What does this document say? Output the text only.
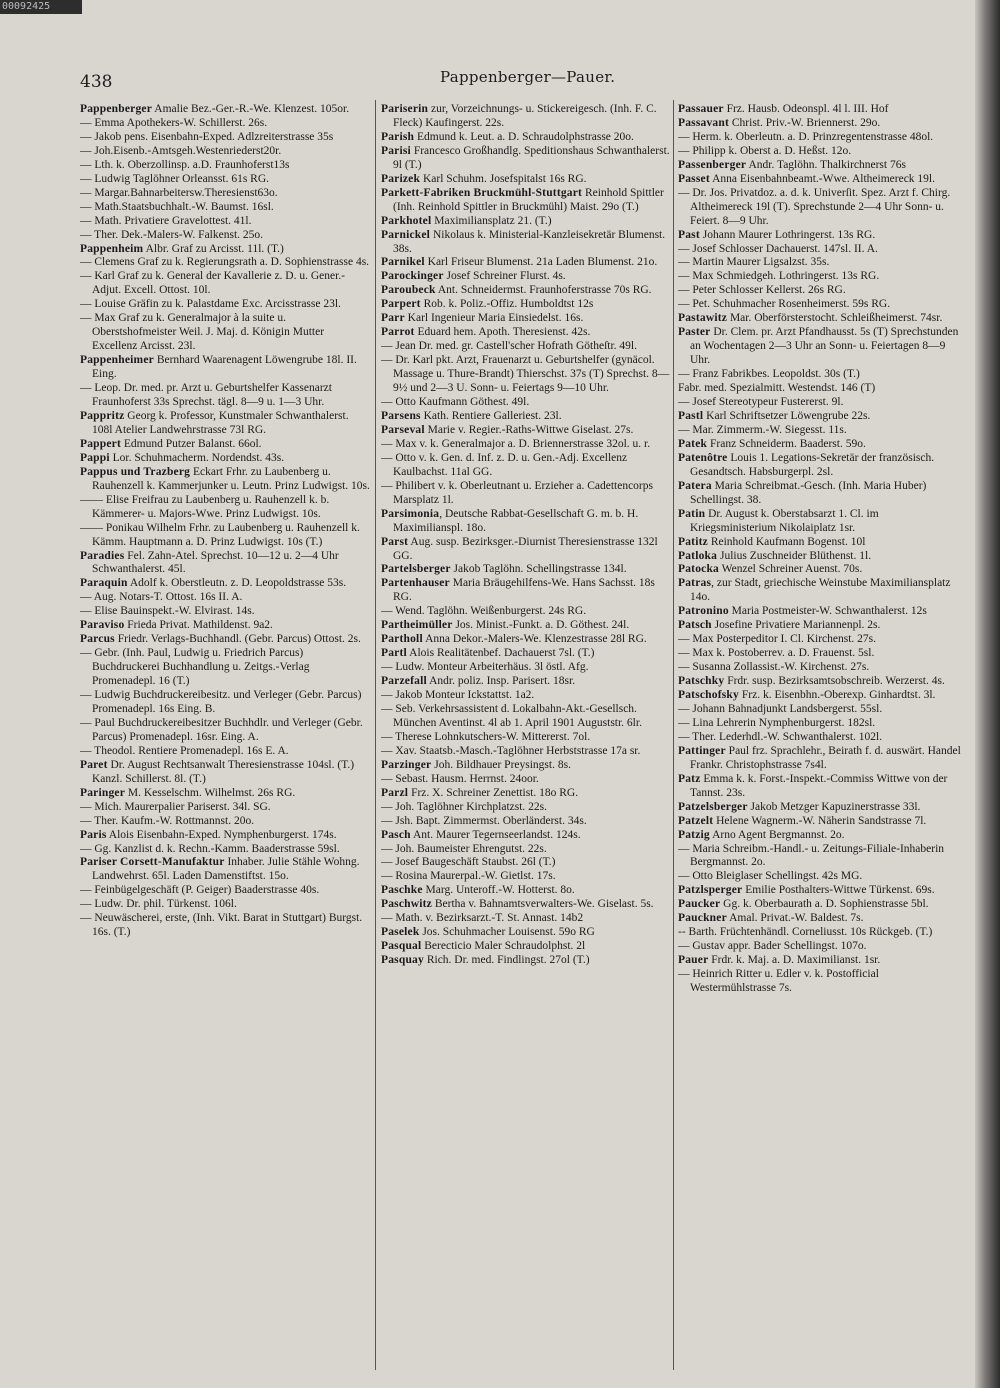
00092425
438	Pappenberger—Pauer.

Pappenberger Amalie Bez.-Ger.-R.-We. Klenzest. 105or.

— Emma Apothekers-W. Schillerst. 26s.

— Jakob pens. Eisenbahn-Exped. Adlzreiterstrasse 35s

— Joh.Eisenb.-Amtsgeh.Westenriederst20r.

— Lth. k. Oberzollinsp. a.D. Fraunhoferst13s

— Ludwig Taglöhner Orleansst. 61s RG.

— Margar.Bahnarbeitersw.Theresienst63o.

— Math.Staatsbuchhalt.-W. Baumst. 16sl.

— Math. Privatiere Gravelottest. 41l.

— Ther. Dek.-Malers-W. Falkenst. 25o.

Pappenheim Albr. Graf zu Arcisst. 11l. (T.)

— Clemens Graf zu k. Regierungsrath a. D. Sophienstrasse 4s.

— Karl Graf zu k. General der Kavallerie z. D. u. Gener.-Adjut. Excell. Ottost. 10l.

— Louise Gräfin zu k. Palastdame Exc. Arcisstrasse 23l.

— Max Graf zu k. Generalmajor à la suite u. Oberstshofmeister Weil. J. Maj. d. Königin Mutter Excellenz Arcisst. 23l.

Pappenheimer Bernhard Waarenagent Löwengrube 18l. II. Eing.

— Leop. Dr. med. pr. Arzt u. Geburtshelfer Kassenarzt Fraunhoferst 33s Sprechst. tägl. 8—9 u. 1—3 Uhr.

Pappritz Georg k. Professor, Kunstmaler Schwanthalerst. 108l Atelier Landwehrstrasse 73l RG.

Pappert Edmund Putzer Balanst. 66ol.

Pappi Lor. Schuhmacherm. Nordendst. 43s.

Pappus und Trazberg Eckart Frhr. zu Laubenberg u. Rauhenzell k. Kammerjunker u. Leutn. Prinz Ludwigst. 10s.

—— Elise Freifrau zu Laubenberg u. Rauhenzell k. b. Kämmerer- u. Majors-Wwe. Prinz Ludwigst. 10s.

—— Ponikau Wilhelm Frhr. zu Laubenberg u. Rauhenzell k. Kämm. Hauptmann a. D. Prinz Ludwigst. 10s (T.)

Paradies Fel. Zahn-Atel. Sprechst. 10—12 u. 2—4 Uhr Schwanthalerst. 45l.

Paraquin Adolf k. Oberstleutn. z. D. Leopoldstrasse 53s.

— Aug. Notars-T. Ottost. 16s II. A.

— Elise Bauinspekt.-W. Elvirast. 14s.

Paraviso Frieda Privat. Mathildenst. 9a2.

Parcus Friedr. Verlags-Buchhandl. (Gebr. Parcus) Ottost. 2s.

— Gebr. (Inh. Paul, Ludwig u. Friedrich Parcus) Buchdruckerei Buchhandlung u. Zeitgs.-Verlag Promenadepl. 16 (T.)

— Ludwig Buchdruckereibesitz. und Verleger (Gebr. Parcus) Promenadepl. 16s Eing. B.

— Paul Buchdruckereibesitzer Buchhdlr. und Verleger (Gebr. Parcus) Promenadepl. 16sr. Eing. A.

— Theodol. Rentiere Promenadepl. 16s E. A.

Paret Dr. August Rechtsanwalt Theresienstrasse 104sl. (T.) Kanzl. Schillerst. 8l. (T.)

Paringer M. Kesselschm. Wilhelmst. 26s RG.

— Mich. Maurerpalier Pariserst. 34l. SG.

— Ther. Kaufm.-W. Rottmannst. 20o.

Paris Alois Eisenbahn-Exped. Nymphenburgerst. 174s.

— Gg. Kanzlist d. k. Rechn.-Kamm. Baaderstrasse 59sl.

Pariser Corsett-Manufaktur Inhaber. Julie Stähle Wohng. Landwehrst. 65l. Laden Damenstiftst. 15o.

— Feinbügelgeschäft (P. Geiger) Baaderstrasse 40s.

— Ludw. Dr. phil. Türkenst. 106l.

— Neuwäscherei, erste, (Inh. Vikt. Barat in Stuttgart) Burgst. 16s. (T.)

Pariserin zur, Vorzeichnungs- u. Stickereigesch. (Inh. F. C. Fleck) Kaufingerst. 22s.

Parish Edmund k. Leut. a. D. Schraudolphstrasse 20o.

Parisi Francesco Großhandlg. Speditionshaus Schwanthalerst. 9l (T.)

Parizek Karl Schuhm. Josefspitalst 16s RG.

Parkett-Fabriken Bruckmühl-Stuttgart Reinhold Spittler (Inh. Reinhold Spittler in Bruckmühl) Maist. 29o (T.)

Parkhotel Maximiliansplatz 21. (T.)

Parnickel Nikolaus k. Ministerial-Kanzleisekretär Blumenst. 38s.

Parnikel Karl Friseur Blumenst. 21a Laden Blumenst. 21o.

Parockinger Josef Schreiner Flurst. 4s.

Paroubeck Ant. Schneidermst. Fraunhoferstrasse 70s RG.

Parpert Rob. k. Poliz.-Offiz. Humboldtst 12s

Parr Karl Ingenieur Maria Einsiedelst. 16s.

Parrot Eduard hem. Apoth. Theresienst. 42s.

— Jean Dr. med. gr. Castell'scher Hofrath Götheſtr. 49l.

— Dr. Karl pkt. Arzt, Frauenarzt u. Geburtshelfer (gynäcol. Massage u. Thure-Brandt) Thierschst. 37s (T) Sprechst. 8—9½ und 2—3 U. Sonn- u. Feiertags 9—10 Uhr.

— Otto Kaufmann Göthest. 49l.

Parsens Kath. Rentiere Galleriest. 23l.

Parseval Marie v. Regier.-Raths-Wittwe Giselast. 27s.

— Max v. k. Generalmajor a. D. Briennerstrasse 32ol. u. r.

— Otto v. k. Gen. d. Inf. z. D. u. Gen.-Adj. Excellenz Kaulbachst. 11al GG.

— Philibert v. k. Oberleutnant u. Erzieher a. Cadettencorps Marsplatz 1l.

Parsimonia, Deutsche Rabbat-Gesellschaft G. m. b. H. Maximilianspl. 18o.

Parst Aug. susp. Bezirksger.-Diurnist Theresienstrasse 132l GG.

Partelsberger Jakob Taglöhn. Schellingstrasse 134l.

Partenhauser Maria Bräugehilfens-We. Hans Sachsst. 18s RG.

— Wend. Taglöhn. Weißenburgerst. 24s RG.

Partheimüller Jos. Minist.-Funkt. a. D. Göthest. 24l.

Partholl Anna Dekor.-Malers-We. Klenzestrasse 28l RG.

Partl Alois Realitätenbef. Dachauerst 7sl. (T.)

— Ludw. Monteur Arbeiterhäus. 3l östl. Afg.

Parzefall Andr. poliz. Insp. Parisert. 18sr.

— Jakob Monteur Ickstattst. 1a2.

— Seb. Verkehrsassistent d. Lokalbahn-Akt.-Gesellsch. München Aventinst. 4l ab 1. April 1901 Auguststr. 6lr.

— Therese Lohnkutschers-W. Mittererst. 7ol.

— Xav. Staatsb.-Masch.-Taglöhner Herbststrasse 17a sr.

Parzinger Joh. Bildhauer Preysingst. 8s.

— Sebast. Hausm. Herrnst. 24oor.

Parzl Frz. X. Schreiner Zenettist. 18o RG.

— Joh. Taglöhner Kirchplatzst. 22s.

— Jsh. Bapt. Zimmermst. Oberländerst. 34s.

Pasch Ant. Maurer Tegernseerlandst. 124s.

— Joh. Baumeister Ehrengutst. 22s.

— Josef Baugeschäft Staubst. 26l (T.)

— Rosina Maurerpal.-W. Gietlst. 17s.

Paschke Marg. Unteroff.-W. Hotterst. 8o.

Paschwitz Bertha v. Bahnamtsverwalters-We. Giselast. 5s.

— Math. v. Bezirksarzt.-T. St. Annast. 14b2

Paselek Jos. Schuhmacher Louisenst. 59o RG

Pasqual Berecticio Maler Schraudolphst. 2l

Pasquay Rich. Dr. med. Findlingst. 27ol (T.)

Passauer Frz. Hausb. Odeonspl. 4l l. III. Hof

Passavant Christ. Priv.-W. Briennerst. 29o.

— Herm. k. Oberleutn. a. D. Prinzregentenstrasse 48ol.

— Philipp k. Oberst a. D. Heßst. 12o.

Passenberger Andr. Taglöhn. Thalkirchnerst 76s

Passet Anna Eisenbahnbeamt.-Wwe. Altheimereck 19l.

— Dr. Jos. Privatdoz. a. d. k. Univerſit. Spez. Arzt f. Chirg. Altheimereck 19l (T). Sprechstunde 2—4 Uhr Sonn- u. Feiert. 8—9 Uhr.

Past Johann Maurer Lothringerst. 13s RG.

— Josef Schlosser Dachauerst. 147sl. II. A.

— Martin Maurer Ligsalzst. 35s.

— Max Schmiedgeh. Lothringerst. 13s RG.

— Peter Schlosser Kellerst. 26s RG.

— Pet. Schuhmacher Rosenheimerst. 59s RG.

Pastawitz Mar. Oberförsterstocht. Schleißheimerst. 74sr.

Paster Dr. Clem. pr. Arzt Pfandhausst. 5s (T) Sprechstunden an Wochentagen 2—3 Uhr an Sonn- u. Feiertagen 8—9 Uhr.

— Franz Fabrikbes. Leopoldst. 30s (T.)

Fabr. med. Spezialmitt. Westendst. 146 (T)

— Josef Stereotypeur Fustererst. 9l.

Pastl Karl Schriftsetzer Löwengrube 22s.

— Mar. Zimmerm.-W. Siegesst. 11s.

Patek Franz Schneiderm. Baaderst. 59o.

Patenôtre Louis 1. Legations-Sekretär der französisch. Gesandtsch. Habsburgerpl. 2sl.

Patera Maria Schreibmat.-Gesch. (Inh. Maria Huber) Schellingst. 38.

Patin Dr. August k. Oberstabsarzt 1. Cl. im Kriegsministerium Nikolaiplatz 1sr.

Patitz Reinhold Kaufmann Bogenst. 10l

Patloka Julius Zuschneider Blüthenst. 1l.

Patocka Wenzel Schreiner Auenst. 70s.

Patras, zur Stadt, griechische Weinstube Maximiliansplatz 14o.

Patronino Maria Postmeister-W. Schwanthalerst. 12s

Patsch Josefine Privatiere Mariannenpl. 2s.

— Max Posterpeditor I. Cl. Kirchenst. 27s.

— Max k. Postoberrev. a. D. Frauenst. 5sl.

— Susanna Zollassist.-W. Kirchenst. 27s.

Patschky Frdr. susp. Bezirksamtsobschreib. Werzerst. 4s.

Patschofsky Frz. k. Eisenbhn.-Oberexp. Ginhardtst. 3l.

— Johann Bahnadjunkt Landsbergerst. 55sl.

— Lina Lehrerin Nymphenburgerst. 182sl.

— Ther. Lederhdl.-W. Schwanthalerst. 102l.

Pattinger Paul frz. Sprachlehr., Beirath f. d. auswärt. Handel Frankr. Christophstrasse 7s4l.

Patz Emma k. k. Forst.-Inspekt.-Commiss Wittwe von der Tannst. 23s.

Patzelsberger Jakob Metzger Kapuzinerstrasse 33l.

Patzelt Helene Wagnerm.-W. Näherin Sandstrasse 7l.

Patzig Arno Agent Bergmannst. 2o.

— Maria Schreibm.-Handl.- u. Zeitungs-Filiale-Inhaberin Bergmannst. 2o.

— Otto Bleiglaser Schellingst. 42s MG.

Patzlsperger Emilie Posthalters-Wittwe Türkenst. 69s.

Paucker Gg. k. Oberbaurath a. D. Sophienstrasse 5bl.

Pauckner Amal. Privat.-W. Baldest. 7s.

-- Barth. Früchtenhändl. Corneliusst. 10s Rückgeb. (T.)

— Gustav appr. Bader Schellingst. 107o.

Pauer Frdr. k. Maj. a. D. Maximilianst. 1sr.

— Heinrich Ritter u. Edler v. k. Postofficial Westermühlstrasse 7s.
